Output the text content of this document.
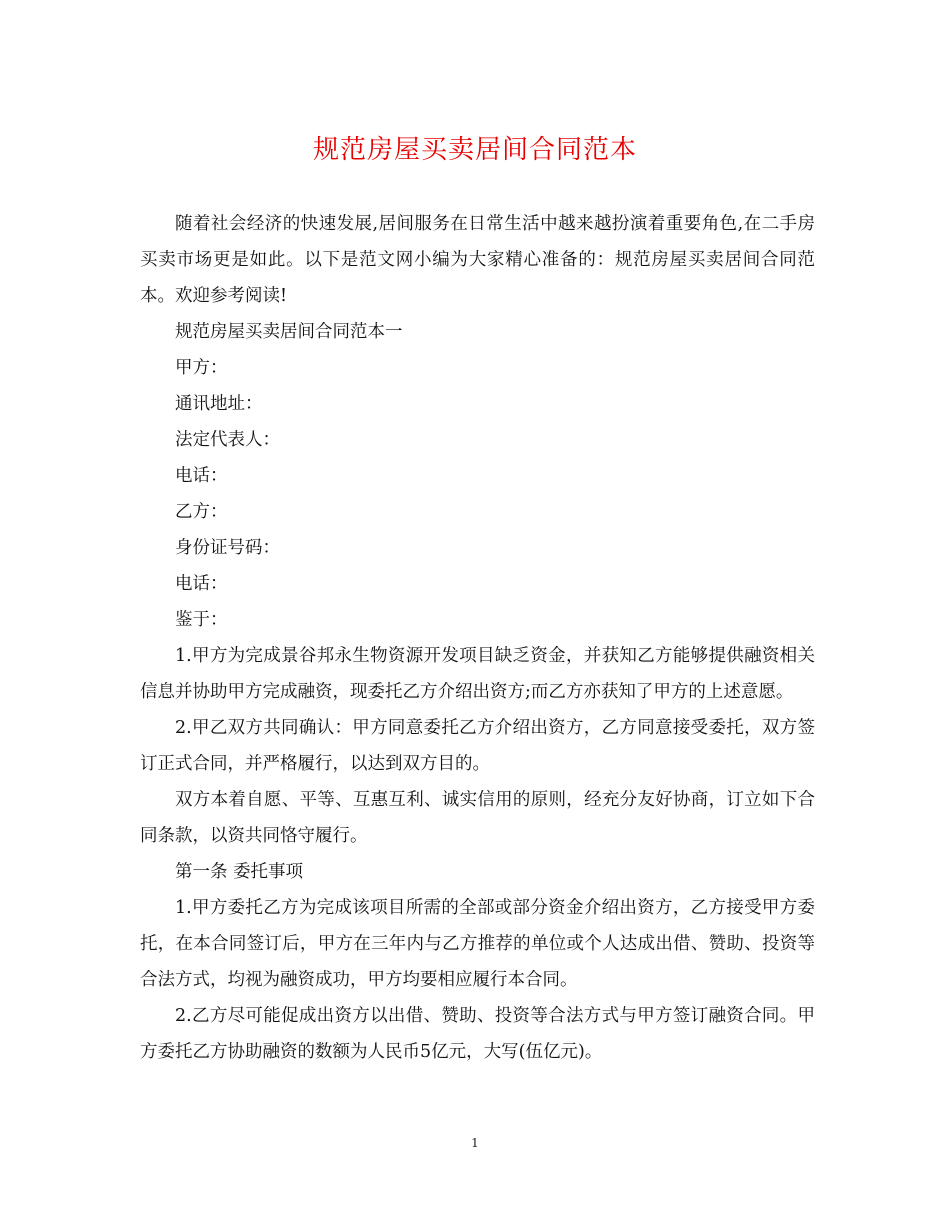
规范房屋买卖居间合同范本

随着社会经济的快速发展,居间服务在日常生活中越来越扮演着重要角色,在二手房买卖市场更是如此。以下是范文网小编为大家精心准备的：规范房屋买卖居间合同范本。欢迎参考阅读!

规范房屋买卖居间合同范本一

甲方：

通讯地址：

法定代表人：

电话：

乙方：

身份证号码：

电话：

鉴于：

1.甲方为完成景谷邦永生物资源开发项目缺乏资金，并获知乙方能够提供融资相关信息并协助甲方完成融资，现委托乙方介绍出资方;而乙方亦获知了甲方的上述意愿。

2.甲乙双方共同确认：甲方同意委托乙方介绍出资方，乙方同意接受委托，双方签订正式合同，并严格履行，以达到双方目的。

双方本着自愿、平等、互惠互利、诚实信用的原则，经充分友好协商，订立如下合同条款，以资共同恪守履行。

第一条 委托事项

1.甲方委托乙方为完成该项目所需的全部或部分资金介绍出资方，乙方接受甲方委托，在本合同签订后，甲方在三年内与乙方推荐的单位或个人达成出借、赞助、投资等合法方式，均视为融资成功，甲方均要相应履行本合同。

2.乙方尽可能促成出资方以出借、赞助、投资等合法方式与甲方签订融资合同。甲方委托乙方协助融资的数额为人民币5亿元，大写(伍亿元)。

1
